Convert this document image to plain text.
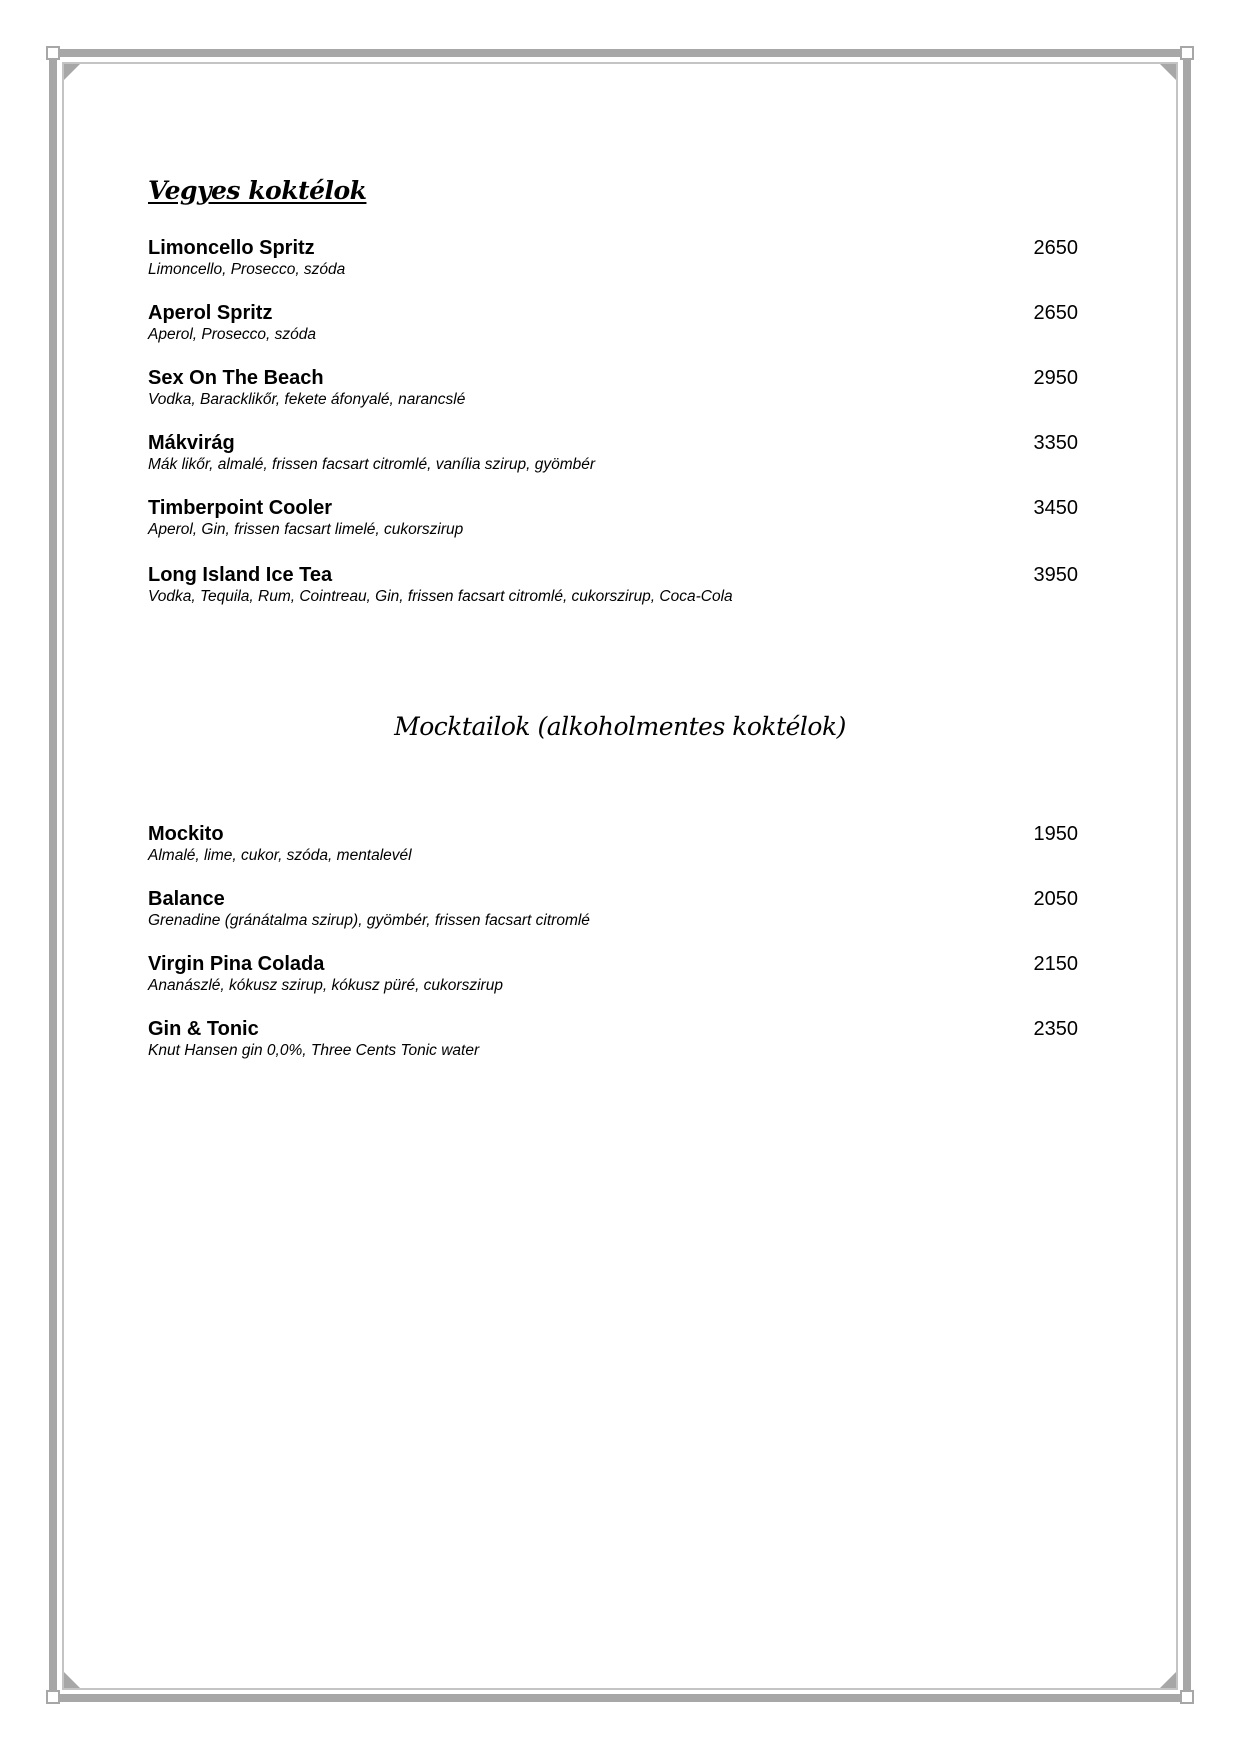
Vegyes koktélok
Limoncello Spritz
Limoncello, Prosecco, szóda
2650
Aperol Spritz
Aperol, Prosecco, szóda
2650
Sex On The Beach
Vodka, Baracklikőr, fekete áfonyalé, narancslé
2950
Mákvirág
Mák likőr, almalé, frissen facsart citromlé, vanília szirup, gyömbér
3350
Timberpoint Cooler
Aperol, Gin, frissen facsart limelé, cukorszirup
3450
Long Island Ice Tea
Vodka, Tequila, Rum, Cointreau, Gin, frissen facsart citromlé, cukorszirup, Coca-Cola
3950
Mocktailok (alkoholmentes koktélok)
Mockito
Almalé, lime, cukor, szóda, mentalevél
1950
Balance
Grenadine (gránátalma szirup), gyömbér, frissen facsart citromlé
2050
Virgin Pina Colada
Ananászlé, kókusz szirup, kókusz püré, cukorszirup
2150
Gin & Tonic
Knut Hansen gin 0,0%, Three Cents Tonic water
2350
